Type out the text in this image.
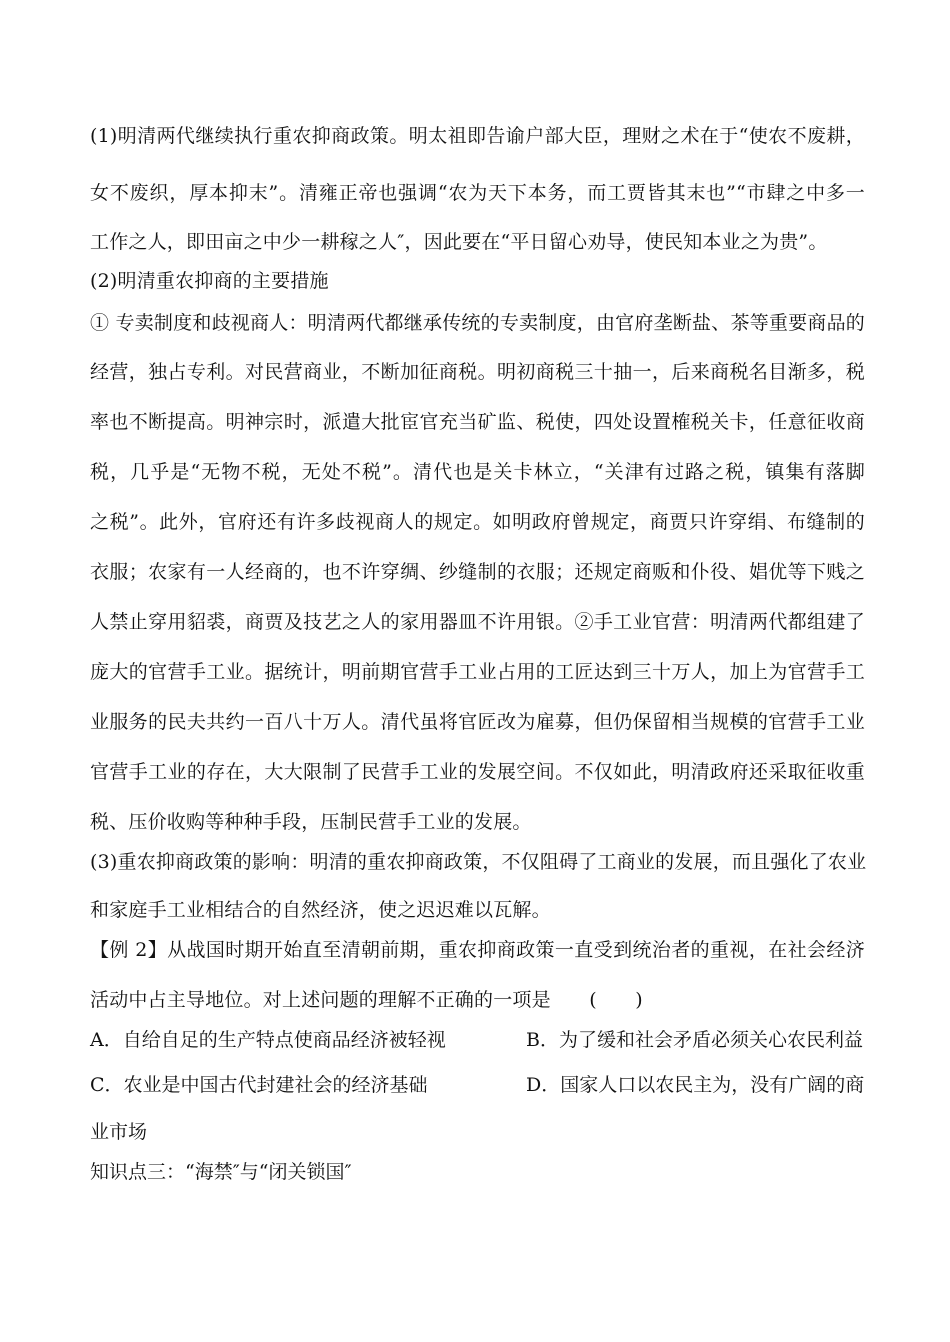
(1)明清两代继续执行重农抑商政策。明太祖即告谕户部大臣，理财之术在于“使农不废耕，
女不废织，厚本抑末”。清雍正帝也强调“农为天下本务，而工贾皆其末也”“市肆之中多一
工作之人，即田亩之中少一耕稼之人″，因此要在“平日留心劝导，使民知本业之为贵”。
(2)明清重农抑商的主要措施
① 专卖制度和歧视商人：明清两代都继承传统的专卖制度，由官府垄断盐、茶等重要商品的
经营，独占专利。对民营商业，不断加征商税。明初商税三十抽一，后来商税名目渐多，税
率也不断提高。明神宗时，派遣大批宦官充当矿监、税使，四处设置榷税关卡，任意征收商
税，几乎是“无物不税，无处不税”。清代也是关卡林立，“关津有过路之税，镇集有落脚
之税”。此外，官府还有许多歧视商人的规定。如明政府曾规定，商贾只许穿绢、布缝制的
衣服；农家有一人经商的，也不许穿绸、纱缝制的衣服；还规定商贩和仆役、娼优等下贱之
人禁止穿用貂裘，商贾及技艺之人的家用器皿不许用银。②手工业官营：明清两代都组建了
庞大的官营手工业。据统计，明前期官营手工业占用的工匠达到三十万人，加上为官营手工
业服务的民夫共约一百八十万人。清代虽将官匠改为雇募，但仍保留相当规模的官营手工业
官营手工业的存在，大大限制了民营手工业的发展空间。不仅如此，明清政府还采取征收重
税、压价收购等种种手段，压制民营手工业的发展。
(3)重农抑商政策的影响：明清的重农抑商政策，不仅阻碍了工商业的发展，而且强化了农业
和家庭手工业相结合的自然经济，使之迟迟难以瓦解。
【例 2】从战国时期开始直至清朝前期，重农抑商政策一直受到统治者的重视，在社会经济
活动中占主导地位。对上述问题的理解不正确的一项是　　(　　)
A．自给自足的生产特点使商品经济被轻视	B．为了缓和社会矛盾必须关心农民利益
C．农业是中国古代封建社会的经济基础	D．国家人口以农民主为，没有广阔的商
业市场
知识点三：“海禁″与“闭关锁国″
